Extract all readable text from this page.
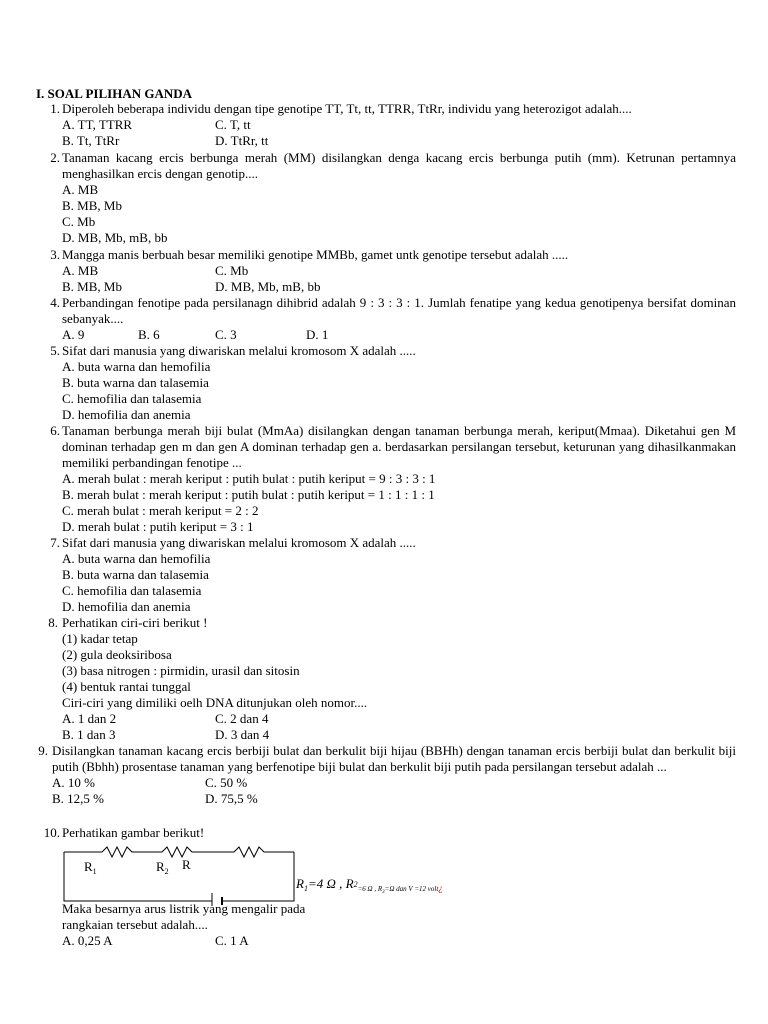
I. SOAL PILIHAN GANDA
1. Diperoleh beberapa individu dengan tipe genotipe TT, Tt, tt, TTRR, TtRr, individu yang heterozigot adalah....
A. TT, TTRR	C. T, tt
B. Tt, TtRr	D. TtRr, tt
2. Tanaman kacang ercis berbunga merah (MM) disilangkan denga kacang ercis berbunga putih (mm). Ketrunan pertamnya menghasilkan ercis dengan genotip....
A. MB
B. MB, Mb
C. Mb
D. MB, Mb, mB, bb
3. Mangga manis berbuah besar memiliki genotipe MMBb, gamet untk genotipe tersebut adalah .....
A. MB	C. Mb
B. MB, Mb	D. MB, Mb, mB, bb
4. Perbandingan fenotipe pada persilanagn dihibrid adalah 9 : 3 : 3 : 1. Jumlah fenatipe yang kedua genotipenya bersifat dominan sebanyak....
A. 9	B. 6	C. 3	D. 1
5. Sifat dari manusia yang diwariskan melalui kromosom X adalah .....
A. buta warna dan hemofilia
B. buta warna dan talasemia
C. hemofilia dan talasemia
D. hemofilia dan anemia
6. Tanaman berbunga merah biji bulat (MmAa) disilangkan dengan tanaman berbunga merah, keriput(Mmaa). Diketahui gen M dominan terhadap gen m dan gen A dominan terhadap gen a. berdasarkan persilangan tersebut, keturunan yang dihasilkanmakan memiliki perbandingan fenotipe ...
A. merah bulat : merah keriput : putih bulat : putih keriput = 9 : 3 : 3 : 1
B. merah bulat : merah keriput : putih bulat : putih keriput = 1 : 1 : 1 : 1
C. merah bulat : merah keriput = 2 : 2
D. merah bulat : putih keriput = 3 : 1
7. Sifat dari manusia yang diwariskan melalui kromosom X adalah .....
A. buta warna dan hemofilia
B. buta warna dan talasemia
C. hemofilia dan talasemia
D. hemofilia dan anemia
8. Perhatikan ciri-ciri berikut !
(1) kadar tetap
(2) gula deoksiribosa
(3) basa nitrogen : pirmidin, urasil dan sitosin
(4) bentuk rantai tunggal
Ciri-ciri yang dimiliki oelh DNA ditunjukan oleh nomor....
A. 1 dan 2	C. 2 dan 4
B. 1 dan 3	D. 3 dan 4
9. Disilangkan tanaman kacang ercis berbiji bulat dan berkulit biji hijau (BBHh) dengan tanaman ercis berbiji bulat dan berkulit biji putih (Bbhh) prosentase tanaman yang berfenotipe biji bulat dan berkulit biji putih pada persilangan tersebut adalah ...
A. 10 %	C. 50 %
B. 12,5 %	D. 75,5 %
10. Perhatikan gambar berikut!
$R_1$	$R_2$ R
$R_1=4$ Ω , $R2_{=6 \Omega , R3=\Omega dan V =12 volt¿}$
Maka besarnya arus listrik yang mengalir pada
rangkaian tersebut adalah....
A. 0,25 A	C. 1 A
